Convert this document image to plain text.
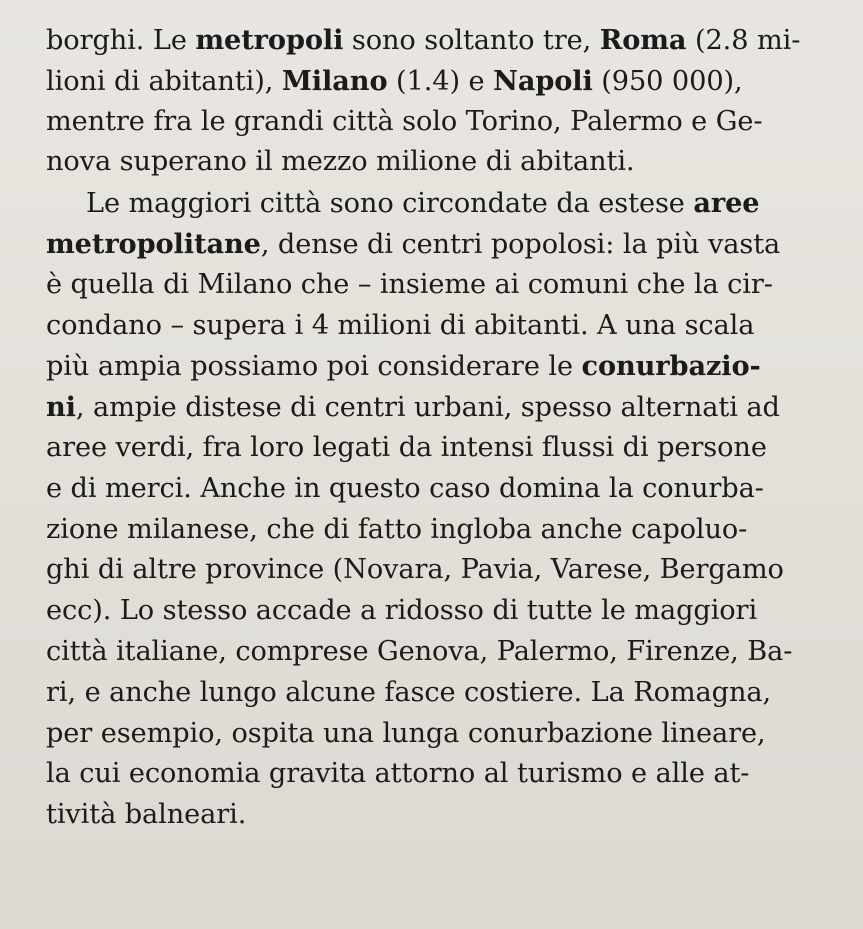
borghi. Le metropoli sono soltanto tre, Roma (2.8 mi-
lioni di abitanti), Milano (1.4) e Napoli (950 000),
mentre fra le grandi città solo Torino, Palermo e Ge-
nova superano il mezzo milione di abitanti.
Le maggiori città sono circondate da estese aree
metropolitane, dense di centri popolosi: la più vasta
è quella di Milano che – insieme ai comuni che la cir-
condano – supera i 4 milioni di abitanti. A una scala
più ampia possiamo poi considerare le conurbazio-
ni, ampie distese di centri urbani, spesso alternati ad
aree verdi, fra loro legati da intensi flussi di persone
e di merci. Anche in questo caso domina la conurba-
zione milanese, che di fatto ingloba anche capoluo-
ghi di altre province (Novara, Pavia, Varese, Bergamo
ecc). Lo stesso accade a ridosso di tutte le maggiori
città italiane, comprese Genova, Palermo, Firenze, Ba-
ri, e anche lungo alcune fasce costiere. La Romagna,
per esempio, ospita una lunga conurbazione lineare,
la cui economia gravita attorno al turismo e alle at-
tività balneari.
